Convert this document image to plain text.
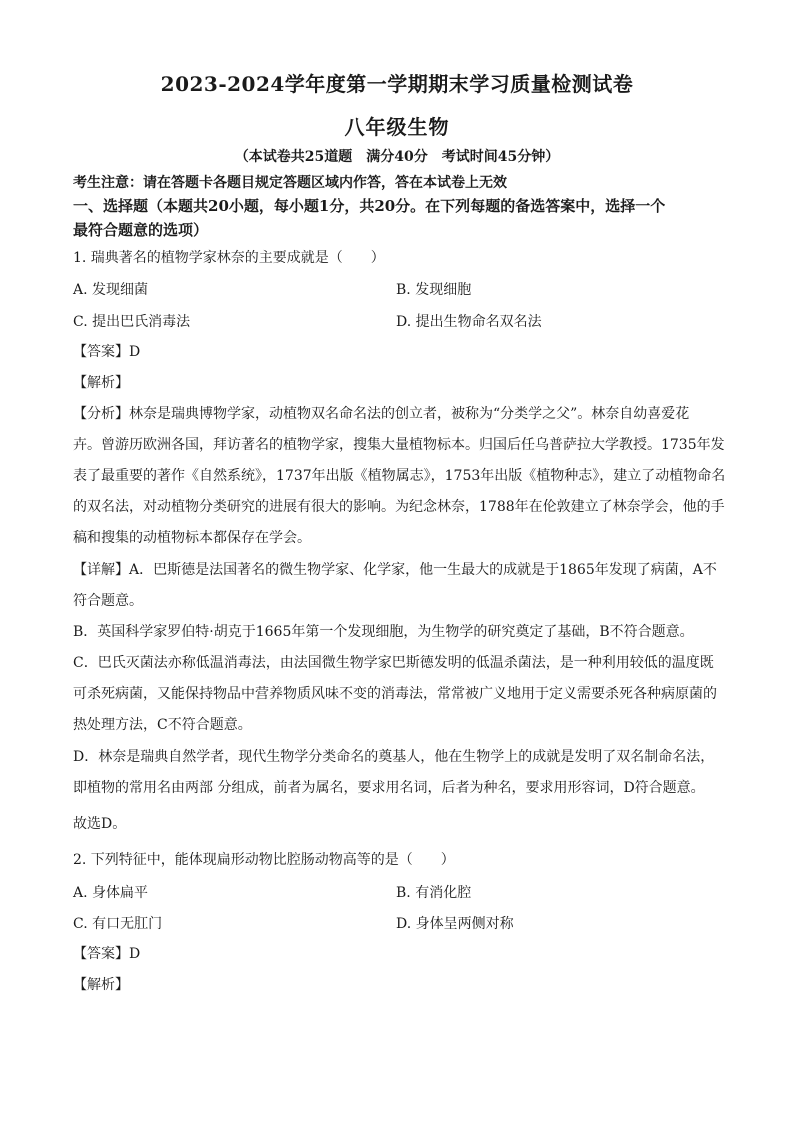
2023-2024学年度第一学期期末学习质量检测试卷
八年级生物
（本试卷共25道题　满分40分　考试时间45分钟）
考生注意：请在答题卡各题目规定答题区域内作答，答在本试卷上无效
一、选择题（本题共20小题，每小题1分，共20分。在下列每题的备选答案中，选择一个
最符合题意的选项）
1. 瑞典著名的植物学家林奈的主要成就是（　　）
A. 发现细菌	B. 发现细胞
C. 提出巴氏消毒法	D. 提出生物命名双名法
【答案】D
【解析】
【分析】林奈是瑞典博物学家，动植物双名命名法的创立者，被称为“分类学之父”。林奈自幼喜爱花
卉。曾游历欧洲各国，拜访著名的植物学家，搜集大量植物标本。归国后任乌普萨拉大学教授。1735年发
表了最重要的著作《自然系统》，1737年出版《植物属志》，1753年出版《植物种志》，建立了动植物命名
的双名法，对动植物分类研究的进展有很大的影响。为纪念林奈，1788年在伦敦建立了林奈学会，他的手
稿和搜集的动植物标本都保存在学会。
【详解】A．巴斯德是法国著名的微生物学家、化学家，他一生最大的成就是于1865年发现了病菌，A不
符合题意。
B．英国科学家罗伯特·胡克于1665年第一个发现细胞，为生物学的研究奠定了基础，B不符合题意。
C．巴氏灭菌法亦称低温消毒法，由法国微生物学家巴斯德发明的低温杀菌法，是一种利用较低的温度既
可杀死病菌，又能保持物品中营养物质风味不变的消毒法，常常被广义地用于定义需要杀死各种病原菌的
热处理方法，C不符合题意。
D．林奈是瑞典自然学者，现代生物学分类命名的奠基人，他在生物学上的成就是发明了双名制命名法，
即植物的常用名由两部 分组成，前者为属名，要求用名词，后者为种名，要求用形容词，D符合题意。
故选D。
2. 下列特征中，能体现扁形动物比腔肠动物高等的是（　　）
A. 身体扁平	B. 有消化腔
C. 有口无肛门	D. 身体呈两侧对称
【答案】D
【解析】
